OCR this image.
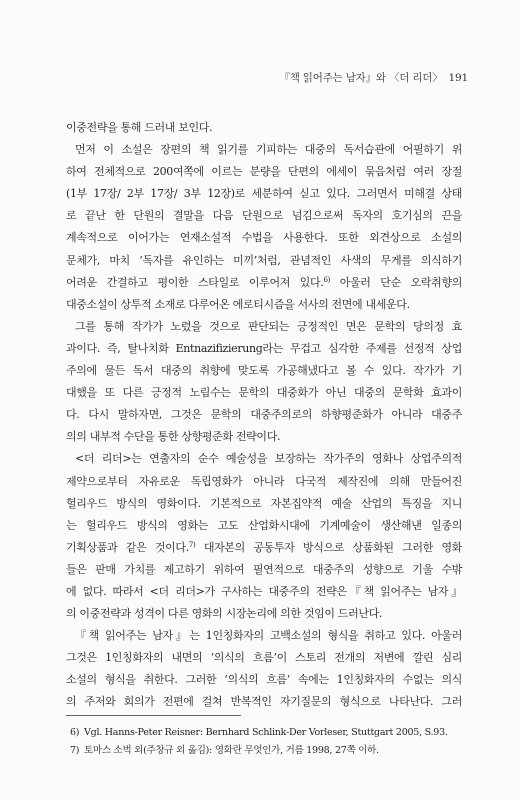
『책 읽어주는 남자』와 〈더 리더〉 191
이중전략을 통해 드러내 보인다.
먼저 이 소설은 장편의 책 읽기를 기피하는 대중의 독서습관에 어필하기 위
하여 전체적으로 200여쪽에 이르는 분량을 단편의 에세이 묶음처럼 여러 장절
(1부 17장/ 2부 17장/ 3부 12장)로 세분하여 싣고 있다. 그러면서 미해결 상태
로 끝난 한 단원의 결말을 다음 단원으로 넘김으로써 독자의 호기심의 끈을
계속적으로 이어가는 연재소설적 수법을 사용한다. 또한 외견상으로 소설의
문체가, 마치 ‘독자를 유인하는 미끼’처럼, 관념적인 사색의 무게를 의식하기
어려운 간결하고 평이한 스타일로 이루어져 있다.$^{6)}$ 아울러 단순 오락취향의
대중소설이 상투적 소재로 다루어온 에로티시즘을 서사의 전면에 내세운다.
그를 통해 작가가 노렸을 것으로 판단되는 긍정적인 면은 문학의 당의정 효
과이다. 즉, 탈나치화 Entnazifizierung라는 무겁고 심각한 주제를 선정적 상업
주의에 물든 독서 대중의 취향에 맞도록 가공해냈다고 볼 수 있다. 작가가 기
대했을 또 다른 긍정적 노림수는 문학의 대중화가 아닌 대중의 문학화 효과이
다. 다시 말하자면, 그것은 문학의 대중주의로의 하향평준화가 아니라 대중주
의의 내부적 수단을 통한 상향평준화 전략이다.
<더 리더>는 연출자의 순수 예술성을 보장하는 작가주의 영화나 상업주의적
제약으로부터 자유로운 독립영화가 아니라 다국적 제작진에 의해 만들어진
헐리우드 방식의 영화이다. 기본적으로 자본집약적 예술 산업의 특징을 지니
는 헐리우드 방식의 영화는 고도 산업화시대에 기계예술이 생산해낸 일종의
기획상품과 같은 것이다.$^{7)}$ 대자본의 공동투자 방식으로 상품화된 그러한 영화
들은 판매 가치를 제고하기 위하여 필연적으로 대중주의 성향으로 기울 수밖
에 없다. 따라서 <더 리더>가 구사하는 대중주의 전략은『책 읽어주는 남자』
의 이중전략과 성격이 다른 영화의 시장논리에 의한 것임이 드러난다.
『책 읽어주는 남자』는 1인칭화자의 고백소설의 형식을 취하고 있다. 아울러
그것은 1인칭화자의 내면의 ‘의식의 흐름’이 스토리 전개의 저변에 깔린 심리
소설의 형식을 취한다. 그러한 ‘의식의 흐름’ 속에는 1인칭화자의 수없는 의식
의 주저와 회의가 전편에 걸쳐 반복적인 자기질문의 형식으로 나타난다. 그러
6) Vgl. Hanns-Peter Reisner: Bernhard Schlink-Der Vorleser, Stuttgart 2005, S.93.
7) 토마스 소벅 외(주창규 외 옮김): 영화란 무엇인가, 거름 1998, 27쪽 이하.
